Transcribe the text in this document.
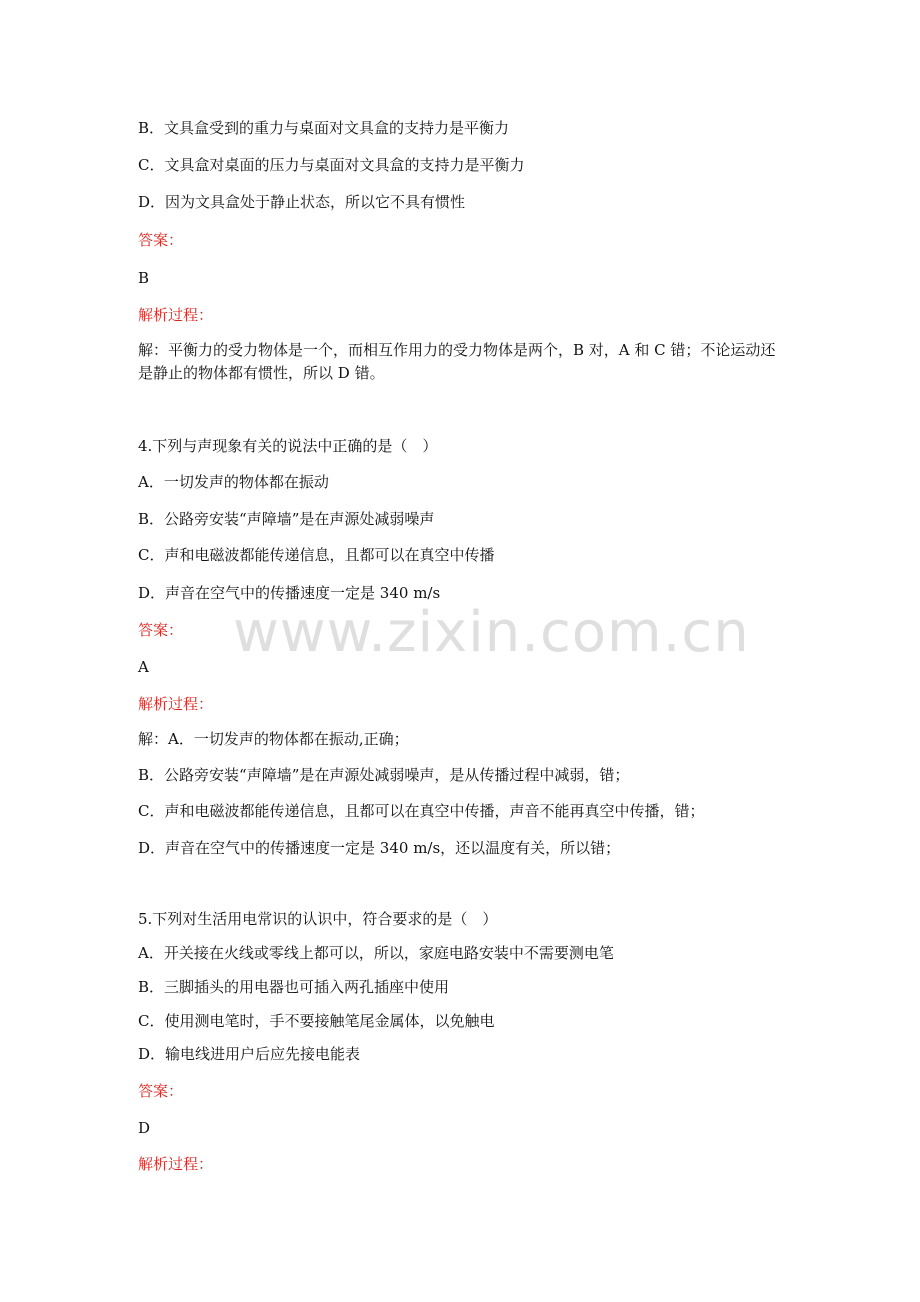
www.zixin.com.cn
B．文具盒受到的重力与桌面对文具盒的支持力是平衡力
C．文具盒对桌面的压力与桌面对文具盒的支持力是平衡力
D．因为文具盒处于静止状态，所以它不具有惯性
答案：
B
解析过程：
解：平衡力的受力物体是一个，而相互作用力的受力物体是两个，B 对，A 和 C 错；不论运动还是静止的物体都有惯性，所以 D 错。
4.下列与声现象有关的说法中正确的是（　）
A．一切发声的物体都在振动
B．公路旁安装“声障墙”是在声源处减弱噪声
C．声和电磁波都能传递信息，且都可以在真空中传播
D．声音在空气中的传播速度一定是 340 m/s
答案：
A
解析过程：
解：A．一切发声的物体都在振动,正确；
B．公路旁安装“声障墙”是在声源处减弱噪声，是从传播过程中减弱，错；
C．声和电磁波都能传递信息，且都可以在真空中传播，声音不能再真空中传播，错；
D．声音在空气中的传播速度一定是 340 m/s，还以温度有关，所以错；
5.下列对生活用电常识的认识中，符合要求的是（　）
A．开关接在火线或零线上都可以，所以，家庭电路安装中不需要测电笔
B．三脚插头的用电器也可插入两孔插座中使用
C．使用测电笔时，手不要接触笔尾金属体，以免触电
D．输电线进用户后应先接电能表
答案：
D
解析过程：
